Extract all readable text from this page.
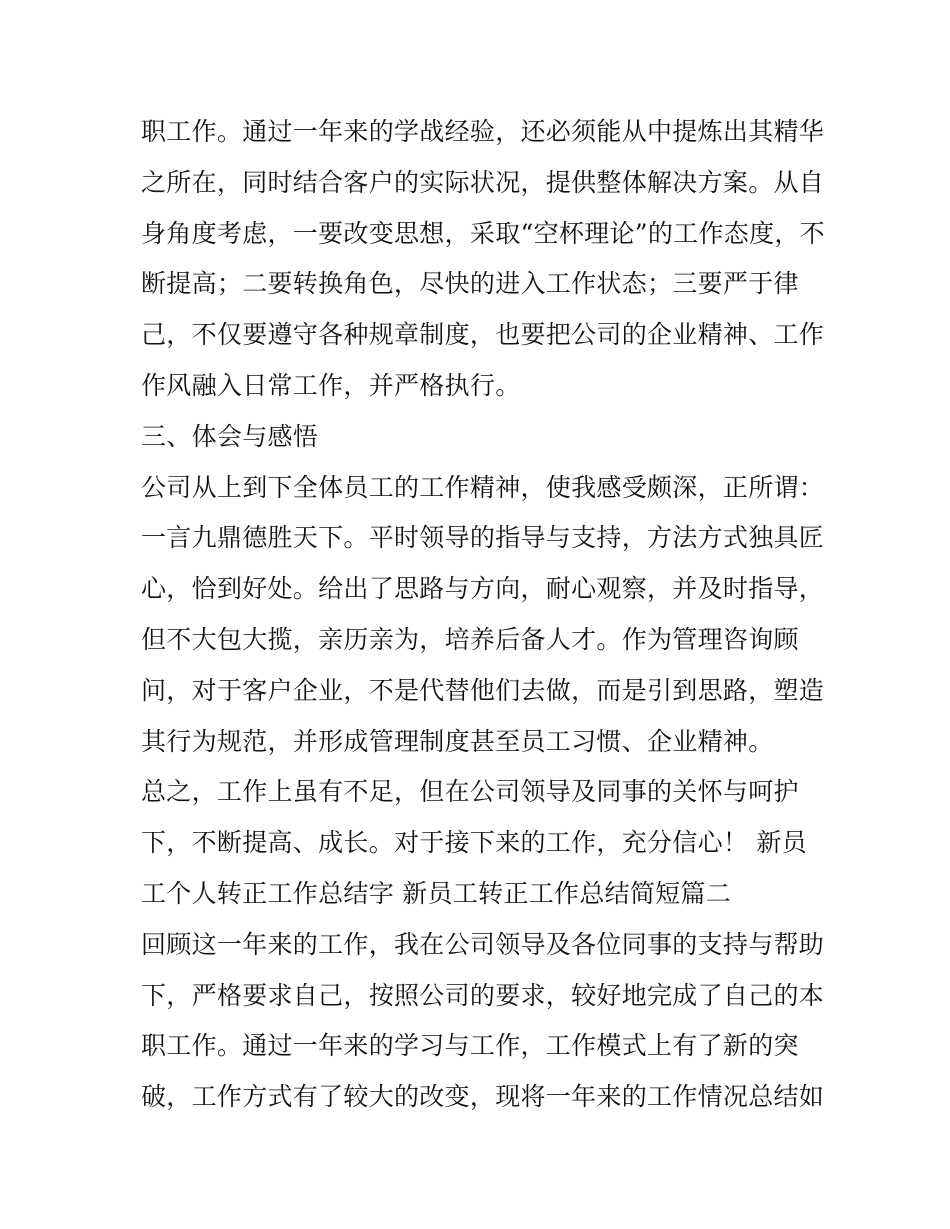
职工作。通过一年来的学战经验，还必须能从中提炼出其精华
之所在，同时结合客户的实际状况，提供整体解决方案。从自
身角度考虑，一要改变思想，采取“空杯理论”的工作态度，不
断提高；二要转换角色，尽快的进入工作状态；三要严于律
己，不仅要遵守各种规章制度，也要把公司的企业精神、工作
作风融入日常工作，并严格执行。
三、体会与感悟
公司从上到下全体员工的工作精神，使我感受颇深，正所谓：
一言九鼎德胜天下。平时领导的指导与支持，方法方式独具匠
心，恰到好处。给出了思路与方向，耐心观察，并及时指导，
但不大包大揽，亲历亲为，培养后备人才。作为管理咨询顾
问，对于客户企业，不是代替他们去做，而是引到思路，塑造
其行为规范，并形成管理制度甚至员工习惯、企业精神。
总之，工作上虽有不足，但在公司领导及同事的关怀与呵护
下，不断提高、成长。对于接下来的工作，充分信心！ 新员
工个人转正工作总结字 新员工转正工作总结简短篇二
回顾这一年来的工作，我在公司领导及各位同事的支持与帮助
下，严格要求自己，按照公司的要求，较好地完成了自己的本
职工作。通过一年来的学习与工作，工作模式上有了新的突
破，工作方式有了较大的改变，现将一年来的工作情况总结如
